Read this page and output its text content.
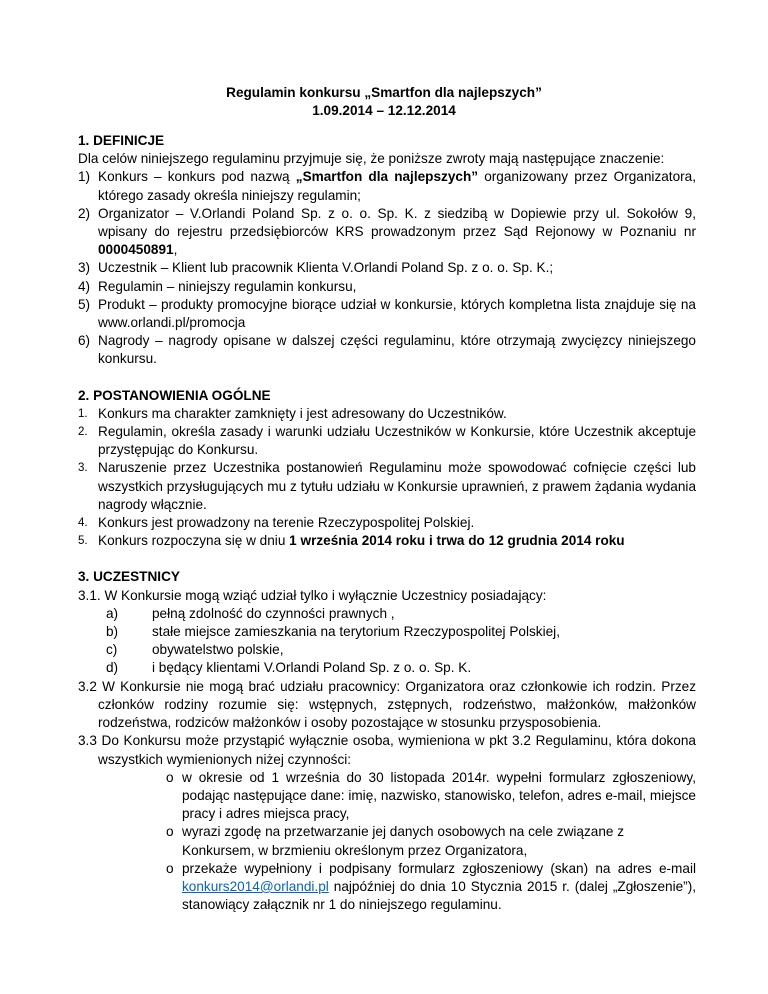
Regulamin konkursu „Smartfon dla najlepszych”
1.09.2014 – 12.12.2014
1. DEFINICJE
Dla celów niniejszego regulaminu przyjmuje się, że poniższe zwroty mają następujące znaczenie:
1) Konkurs – konkurs pod nazwą „Smartfon dla najlepszych” organizowany przez Organizatora, którego zasady określa niniejszy regulamin;
2) Organizator – V.Orlandi Poland Sp. z o. o. Sp. K. z siedzibą w Dopiewie przy ul. Sokołów 9, wpisany do rejestru przedsiębiorców KRS prowadzonym przez Sąd Rejonowy w Poznaniu nr 0000450891,
3) Uczestnik – Klient lub pracownik Klienta V.Orlandi Poland Sp. z o. o. Sp. K.;
4) Regulamin – niniejszy regulamin konkursu,
5) Produkt – produkty promocyjne biorące udział w konkursie, których kompletna lista znajduje się na www.orlandi.pl/promocja
6) Nagrody – nagrody opisane w dalszej części regulaminu, które otrzymają zwycięzcy niniejszego konkursu.
2. POSTANOWIENIA OGÓLNE
1. Konkurs ma charakter zamknięty i jest adresowany do Uczestników.
2. Regulamin, określa zasady i warunki udziału Uczestników w Konkursie, które Uczestnik akceptuje przystępując do Konkursu.
3. Naruszenie przez Uczestnika postanowień Regulaminu może spowodować cofnięcie części lub wszystkich przysługujących mu z tytułu udziału w Konkursie uprawnień, z prawem żądania wydania nagrody włącznie.
4. Konkurs jest prowadzony na terenie Rzeczypospolitej Polskiej.
5. Konkurs rozpoczyna się w dniu 1 września 2014 roku i trwa do 12 grudnia 2014 roku
3. UCZESTNICY
3.1. W Konkursie mogą wziąć udział tylko i wyłącznie Uczestnicy posiadający:
a)	pełną zdolność do czynności prawnych ,
b)	stałe miejsce zamieszkania na terytorium Rzeczypospolitej Polskiej,
c)	obywatelstwo polskie,
d)	i będący klientami V.Orlandi Poland Sp. z o. o. Sp. K.
3.2 W Konkursie nie mogą brać udziału pracownicy: Organizatora oraz członkowie ich rodzin. Przez członków rodziny rozumie się: wstępnych, zstępnych, rodzeństwo, małżonków, małżonków rodzeństwa, rodziców małżonków i osoby pozostające w stosunku przysposobienia.
3.3 Do Konkursu może przystąpić wyłącznie osoba, wymieniona w pkt 3.2 Regulaminu, która dokona wszystkich wymienionych niżej czynności:
o w okresie od 1 września do 30 listopada 2014r. wypełni formularz zgłoszeniowy, podając następujące dane: imię, nazwisko, stanowisko, telefon, adres e-mail, miejsce pracy i adres miejsca pracy,
o wyrazi zgodę na przetwarzanie jej danych osobowych na cele związane z Konkursem, w brzmieniu określonym przez Organizatora,
o przekaże wypełniony i podpisany formularz zgłoszeniowy (skan) na adres e-mail konkurs2014@orlandi.pl najpóźniej do dnia 10 Stycznia 2015 r. (dalej „Zgłoszenie”), stanowiący załącznik nr 1 do niniejszego regulaminu.
